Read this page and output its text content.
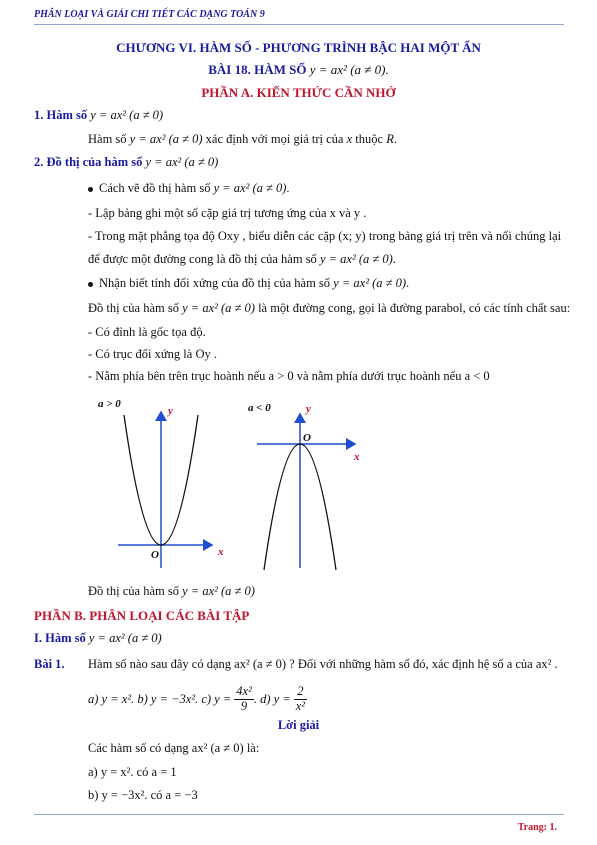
PHÂN LOẠI VÀ GIẢI CHI TIẾT CÁC DẠNG TOÁN 9
CHƯƠNG VI. HÀM SỐ - PHƯƠNG TRÌNH BẬC HAI MỘT ẨN
BÀI 18. HÀM SỐ y = ax² (a ≠ 0).
PHẦN A. KIẾN THỨC CẦN NHỚ
1. Hàm số y = ax² (a ≠ 0)
Hàm số y = ax² (a ≠ 0) xác định với mọi giá trị của x thuộc R.
2. Đồ thị của hàm số y = ax² (a ≠ 0)
Cách vẽ đồ thị hàm số y = ax² (a ≠ 0).
- Lập bảng ghi một số cặp giá trị tương ứng của x và y .
- Trong mặt phẳng tọa độ Oxy , biểu diễn các cặp (x; y) trong bảng giá trị trên và nối chúng lại
để được một đường cong là đồ thị của hàm số y = ax² (a ≠ 0).
Nhận biết tính đối xứng của đồ thị của hàm số y = ax² (a ≠ 0).
Đồ thị của hàm số y = ax² (a ≠ 0) là một đường cong, gọi là đường parabol, có các tính chất sau:
- Có đỉnh là gốc tọa độ.
- Có trục đối xứng là Oy .
- Nằm phía bên trên trục hoành nếu a > 0 và nằm phía dưới trục hoành nếu a < 0
a > 0
y
x
O
a < 0	y
x
O
Đồ thị của hàm số y = ax² (a ≠ 0)
PHẦN B. PHÂN LOẠI CÁC BÀI TẬP
I. Hàm số y = ax² (a ≠ 0)
Bài 1. Hàm số nào sau đây có dạng ax² (a ≠ 0) ? Đối với những hàm số đó, xác định hệ số a của ax² .
a) y = x². b) y = −3x². c) $y = \frac{\text{4x²}}{9}$ . d) $y = \frac{2}{\text{x²}}$
Lời giải
Các hàm số có dạng ax² (a ≠ 0) là:
a) y = x². có a = 1
b) y = −3x². có a = −3
Trang: 1.
